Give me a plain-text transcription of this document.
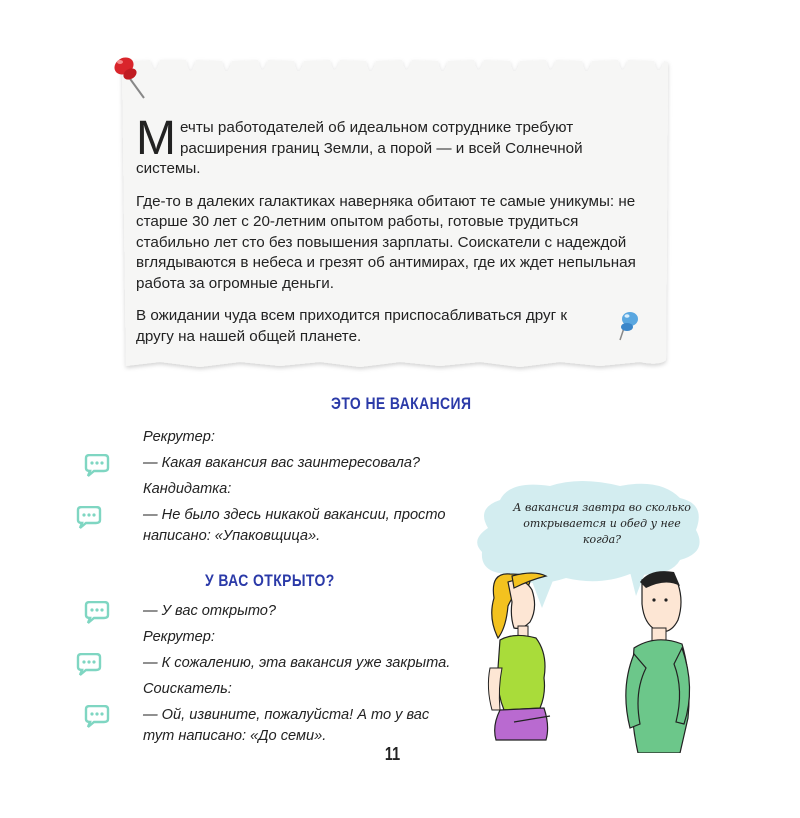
Мечты работодателей об идеальном сотруднике требуют расширения границ Земли, а порой — и всей Солнечной системы.

Где-то в далеких галактиках наверняка обитают те самые уникумы: не старше 30 лет с 20-летним опытом работы, готовые трудиться стабильно лет сто без повышения зарплаты. Соискатели с надеждой вглядываются в небеса и грезят об антимирах, где их ждет непыльная работа за огромные деньги.

В ожидании чуда всем приходится приспосабливаться друг к другу на нашей общей планете.

ЭТО НЕ ВАКАНСИЯ
Рекрутер:
— Какая вакансия вас заинтересовала?
Кандидатка:
— Не было здесь никакой вакансии, просто написано: «Упаковщица».
У ВАС ОТКРЫТО?
— У вас открыто?
Рекрутер:
— К сожалению, эта вакансия уже закрыта.
Соискатель:
— Ой, извините, пожалуйста! А то у вас тут написано: «До семи».
А вакансия завтра во сколько открывается и обед у нее когда?
11
